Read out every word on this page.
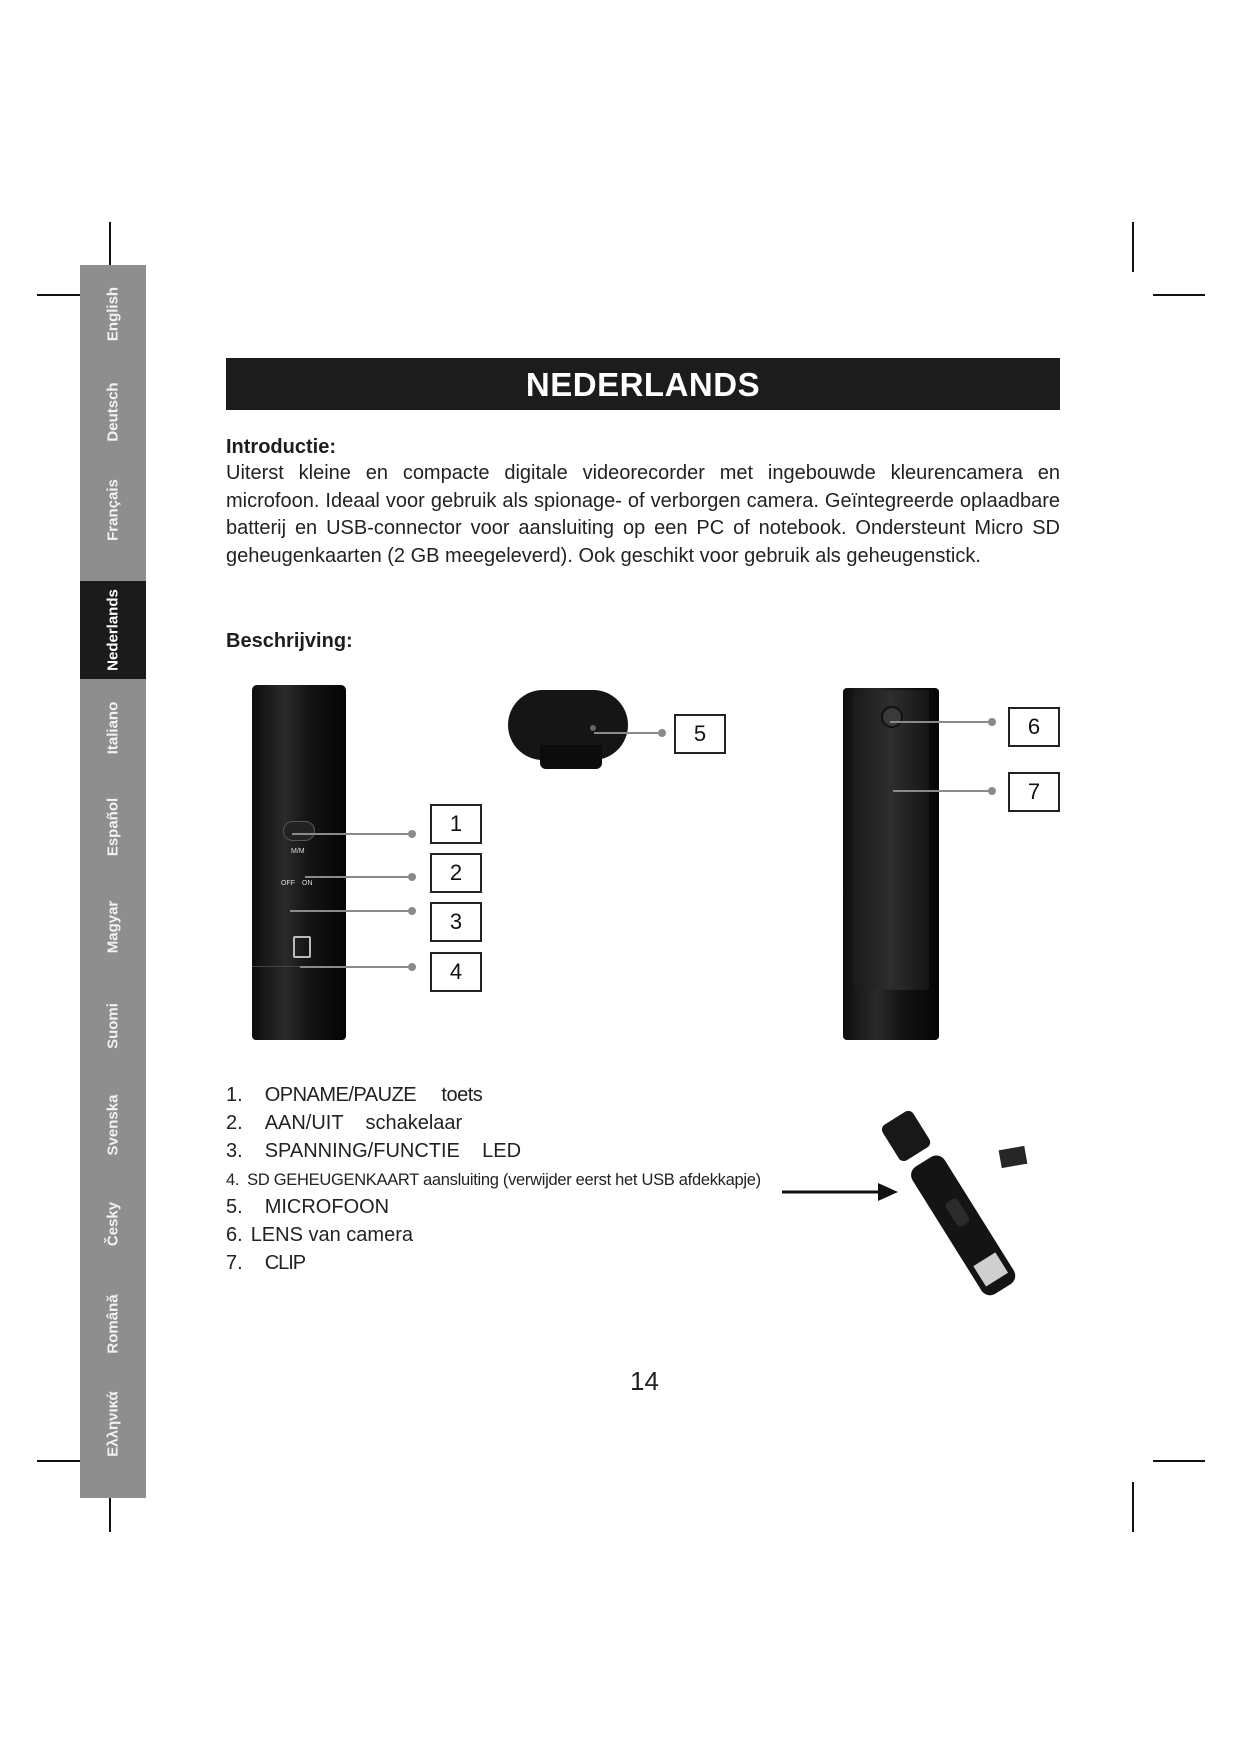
English
Deutsch
Français
Nederlands
Italiano
Español
Magyar
Suomi
Svenska
Česky
Română
Ελληνικά
NEDERLANDS
Introductie:
Uiterst kleine en compacte digitale videorecorder met ingebouwde kleurencamera en microfoon. Ideaal voor gebruik als spionage- of verborgen camera. Geïntegreerde oplaadbare batterij en USB-connector voor aansluiting op een PC of notebook. Ondersteunt Micro SD geheugenkaarten (2 GB meegeleverd). Ook geschikt voor gebruik als geheugenstick.
Beschrijving:
M/M
OFF ON
1
2
3
4
5	6
7
1. OPNAME/PAUZE     toets
2. AAN/UIT    schakelaar
3. SPANNING/FUNCTIE    LED
4. SD GEHEUGENKAART aansluiting (verwijder eerst het USB afdekkapje)
5. MICROFOON
6. LENS van camera
7. CLIP
14
